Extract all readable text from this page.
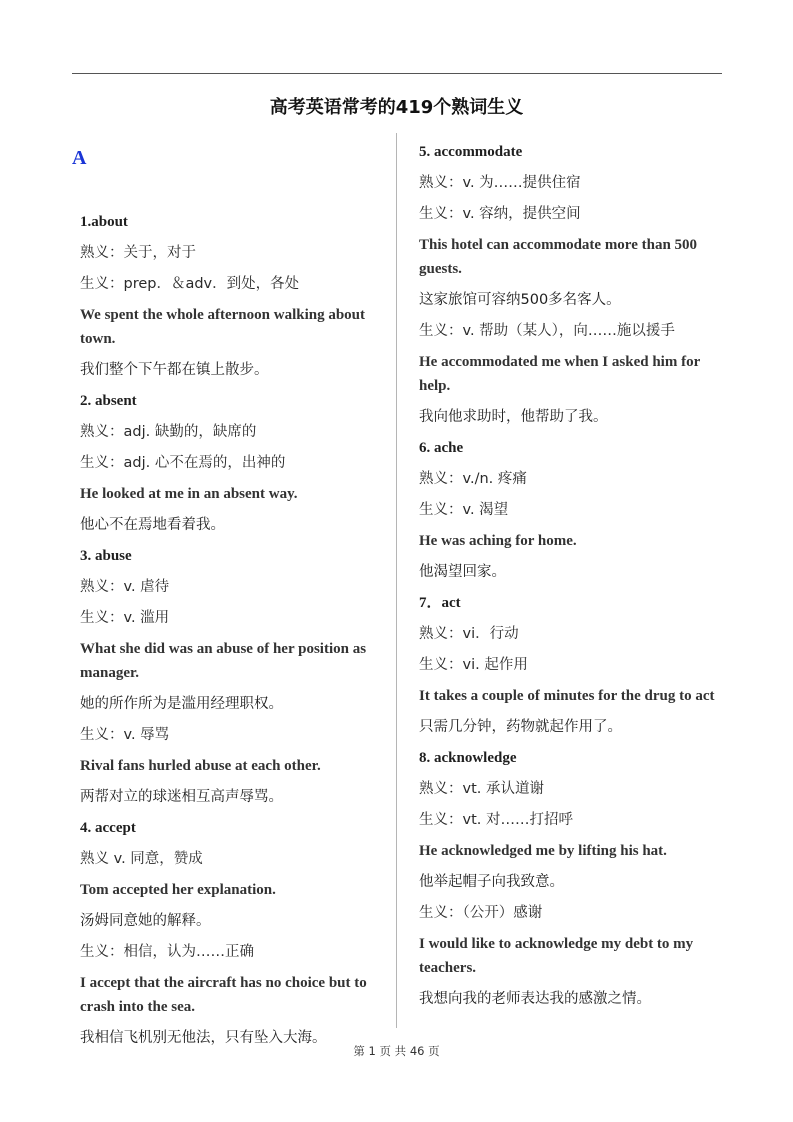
高考英语常考的419个熟词生义
A
1.about
熟义：关于，对于
生义：prep．＆adv．到处，各处
We spent the whole afternoon walking about town.
我们整个下午都在镇上散步。
2. absent
熟义：adj. 缺勤的，缺席的
生义：adj. 心不在焉的，出神的
He looked at me in an absent way.
他心不在焉地看着我。
3. abuse
熟义：v. 虐待
生义：v. 滥用
What she did was an abuse of her position as manager.
她的所作所为是滥用经理职权。
生义：v. 辱骂
Rival fans hurled abuse at each other.
两帮对立的球迷相互高声辱骂。
4. accept
熟义 v. 同意，赞成
Tom accepted her explanation.
汤姆同意她的解释。
生义：相信，认为……正确
I accept that the aircraft has no choice but to crash into the sea.
我相信飞机别无他法，只有坠入大海。
5. accommodate
熟义：v. 为……提供住宿
生义：v. 容纳，提供空间
This hotel can accommodate more than 500 guests.
这家旅馆可容纳500多名客人。
生义：v. 帮助（某人），向……施以援手
He accommodated me when I asked him for help.
我向他求助时，他帮助了我。
6. ache
熟义：v./n. 疼痛
生义：v. 渴望
He was aching for home.
他渴望回家。
7．act
熟义：vi．行动
生义：vi. 起作用
It takes a couple of minutes for the drug to act
只需几分钟，药物就起作用了。
8. acknowledge
熟义：vt. 承认道谢
生义：vt. 对……打招呼
He acknowledged me by lifting his hat.
他举起帽子向我致意。
生义：（公开）感谢
I would like to acknowledge my debt to my teachers.
我想向我的老师表达我的感激之情。
第 1 页 共 46 页
